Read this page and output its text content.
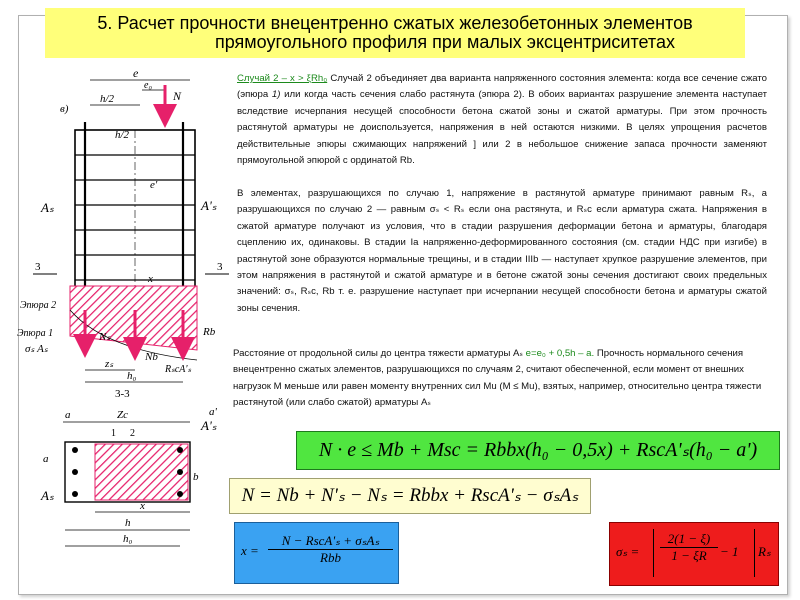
5. Расчет прочности внецентренно сжатых железобетонных элементов
прямоугольного профиля при малых эксцентриситетах
в)
e
e₀
N
h/2
h/2
e'
Aₛ	A'ₛ
3	3
x
Эпюра 2
Эпюра 1
σₛ Aₛ
Nₛ
Nb
RₛcA'ₛ
Rb
zₛ
h₀
3-3
a	Zc	a'
1 2
a
b
Aₛ
A'ₛ
x
h
h₀
Случай 2 – x > ξRh₀ Случай 2 объединяет два варианта напряженного состояния элемента: когда все сечение сжато (эпюра 1) или когда часть сечения слабо растянута (эпюра 2). В обоих вариантах разрушение элемента наступает вследствие исчерпания несущей способности бетона сжатой зоны и сжатой арматуры. При этом прочность растянутой арматуры не доиспользуется, напряжения в ней остаются низкими. В целях упрощения расчетов действительные эпюры сжимающих напряжений ] или 2 в небольшое снижение запаса прочности заменяют прямоугольной эпюрой с ординатой Rb.
В элементах, разрушающихся по случаю 1, напряжение в растянутой арматуре принимают равным Rₛ, а разрушающихся по случаю 2 — равным σₛ < Rₛ если она растянута, и Rₛc если арматура сжата. Напряжения в сжатой арматуре получают из условия, что в стадии разрушения деформации бетона и арматуры, благодаря сцеплению их, одинаковы. В стадии Iа напряженно-деформированного состояния (см. стадии НДС при изгибе) в растянутой зоне образуются нормальные трещины, и в стадии IIIb — наступает хрупкое разрушение элементов, при этом напряжения в растянутой и сжатой арматуре и в бетоне сжатой зоны сечения достигают своих предельных значений: σₛ, Rₛc, Rb т. е. разрушение наступает при исчерпании несущей способности бетона и арматуры сжатой зоны сечения.
Расстояние от продольной силы до центра тяжести арматуры Aₛ e=e₀ + 0,5h – a. Прочность нормального сечения внецентренно сжатых элементов, разрушающихся по случаям 2, считают обеспеченной, если момент от внешних нагрузок М меньше или равен моменту внутренних сил Mu (M ≤ Mu), взятых, например, относительно центра тяжести растянутой (или слабо сжатой) арматуры Aₛ
N · e ≤ Mb + Msc = Rbbx(h₀ − 0,5x) + RscA'ₛ(h₀ − a')
N = Nb + N'ₛ − Nₛ = Rbbx + RscA'ₛ − σₛAₛ
x =
N − RscA'ₛ + σₛAₛ
Rbb	$\sigma_s = \frac{2(1 - \xi)}{1 - \xi R} - 1$ Rₛ
